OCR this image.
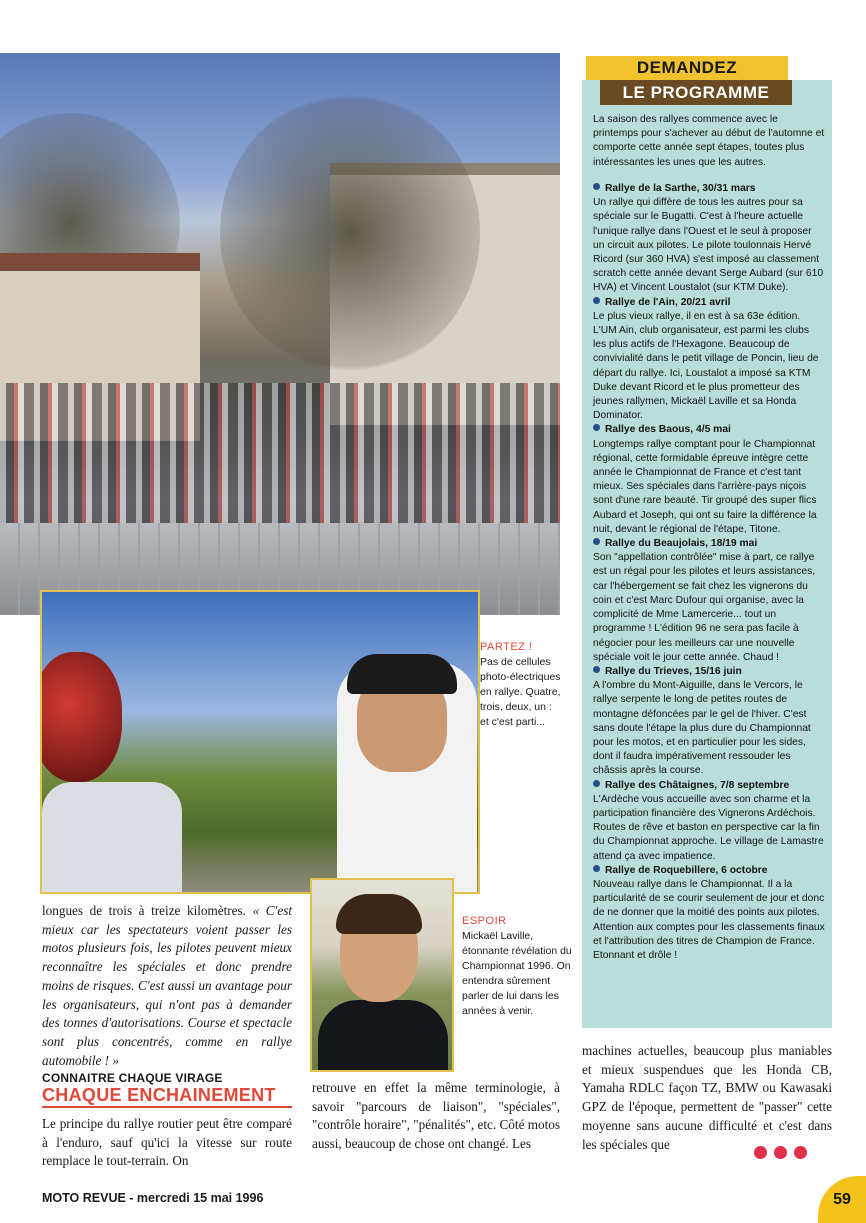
PARTEZ !
Pas de cellules photo-électriques en rallye. Quatre, trois, deux, un : et c'est parti...
ESPOIR
Mickaël Laville, étonnante révélation du Championnat 1996. On entendra sûrement parler de lui dans les années à venir.
longues de trois à treize kilomètres. « C'est mieux car les spectateurs voient passer les motos plusieurs fois, les pilotes peuvent mieux reconnaître les spéciales et donc prendre moins de risques. C'est aussi un avantage pour les organisateurs, qui n'ont pas à demander des tonnes d'autorisations. Course et spectacle sont plus concentrés, comme en rallye automobile ! »
CONNAITRE CHAQUE VIRAGE
CHAQUE ENCHAINEMENT
Le principe du rallye routier peut être comparé à l'enduro, sauf qu'ici la vitesse sur route remplace le tout-terrain. On
retrouve en effet la même terminologie, à savoir "parcours de liaison", "spéciales", "contrôle horaire", "pénalités", etc. Côté motos aussi, beaucoup de chose ont changé. Les
machines actuelles, beaucoup plus maniables et mieux suspendues que les Honda CB, Yamaha RDLC façon TZ, BMW ou Kawasaki GPZ de l'époque, permettent de "passer" cette moyenne sans aucune difficulté et c'est dans les spéciales que
DEMANDEZ
LE PROGRAMME
La saison des rallyes commence avec le printemps pour s'achever au début de l'automne et comporte cette année sept étapes, toutes plus intéressantes les unes que les autres.

Rallye de la Sarthe, 30/31 mars
Un rallye qui diffère de tous les autres pour sa spéciale sur le Bugatti. C'est à l'heure actuelle l'unique rallye dans l'Ouest et le seul à proposer un circuit aux pilotes. Le pilote toulonnais Hervé Ricord (sur 360 HVA) s'est imposé au classement scratch cette année devant Serge Aubard (sur 610 HVA) et Vincent Loustalot (sur KTM Duke).

Rallye de l'Ain, 20/21 avril
Le plus vieux rallye, il en est à sa 63e édition. L'UM Ain, club organisateur, est parmi les clubs les plus actifs de l'Hexagone. Beaucoup de convivialité dans le petit village de Poncin, lieu de départ du rallye. Ici, Loustalot a imposé sa KTM Duke devant Ricord et le plus prometteur des jeunes rallymen, Mickaël Laville et sa Honda Dominator.

Rallye des Baous, 4/5 mai
Longtemps rallye comptant pour le Championnat régional, cette formidable épreuve intègre cette année le Championnat de France et c'est tant mieux. Ses spéciales dans l'arrière-pays niçois sont d'une rare beauté. Tir groupé des super flics Aubard et Joseph, qui ont su faire la différence la nuit, devant le régional de l'étape, Titone.

Rallye du Beaujolais, 18/19 mai
Son "appellation contrôlée" mise à part, ce rallye est un régal pour les pilotes et leurs assistances, car l'hébergement se fait chez les vignerons du coin et c'est Marc Dufour qui organise, avec la complicité de Mme Lamercerie... tout un programme ! L'édition 96 ne sera pas facile à négocier pour les meilleurs car une nouvelle spéciale voit le jour cette année. Chaud !

Rallye du Trieves, 15/16 juin
A l'ombre du Mont-Aiguille, dans le Vercors, le rallye serpente le long de petites routes de montagne défoncées par le gel de l'hiver. C'est sans doute l'étape la plus dure du Championnat pour les motos, et en particulier pour les sides, dont il faudra impérativement ressouder les châssis après la course.

Rallye des Châtaignes, 7/8 septembre
L'Ardèche vous accueille avec son charme et la participation financière des Vignerons Ardéchois. Routes de rêve et baston en perspective car la fin du Championnat approche. Le village de Lamastre attend ça avec impatience.

Rallye de Roquebillere, 6 octobre
Nouveau rallye dans le Championnat. Il a la particularité de se courir seulement de jour et donc de ne donner que la moitié des points aux pilotes. Attention aux comptes pour les classements finaux et l'attribution des titres de Champion de France. Etonnant et drôle !

MOTO REVUE - mercredi 15 mai 1996	59
